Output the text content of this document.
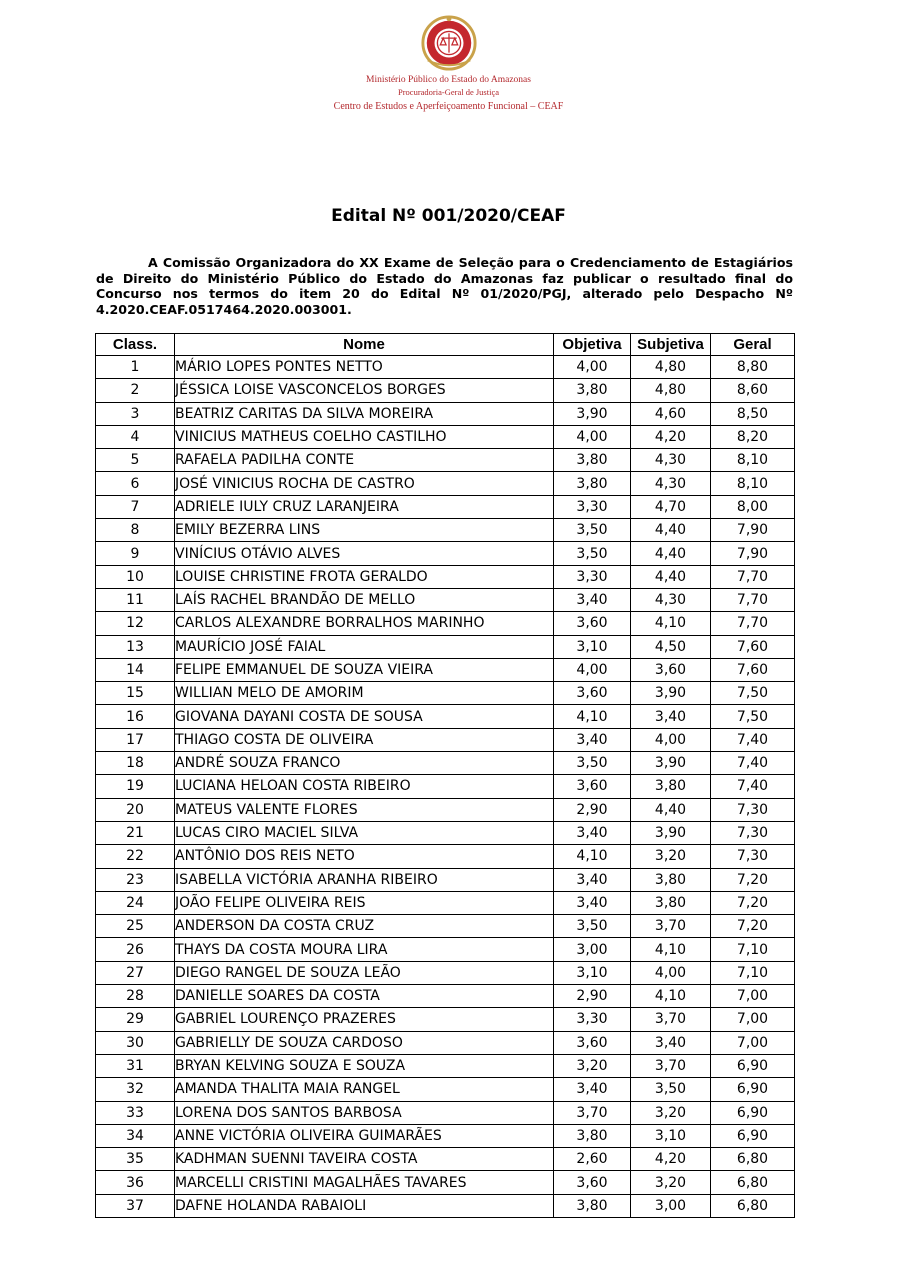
Ministério Público do Estado do Amazonas
Procuradoria-Geral de Justiça
Centro de Estudos e Aperfeiçoamento Funcional – CEAF
Edital Nº 001/2020/CEAF

A Comissão Organizadora do XX Exame de Seleção para o Credenciamento de Estagiários de Direito do Ministério Público do Estado do Amazonas faz publicar o resultado final do Concurso nos termos do item 20 do Edital Nº 01/2020/PGJ, alterado pelo Despacho Nº 4.2020.CEAF.0517464.2020.003001.

Class.	Nome	Objetiva	Subjetiva	Geral
1	MÁRIO LOPES PONTES NETTO	4,00	4,80	8,80
2	JÉSSICA LOISE VASCONCELOS BORGES	3,80	4,80	8,60
3	BEATRIZ CARITAS DA SILVA MOREIRA	3,90	4,60	8,50
4	VINICIUS MATHEUS COELHO CASTILHO	4,00	4,20	8,20
5	RAFAELA PADILHA CONTE	3,80	4,30	8,10
6	JOSÉ VINICIUS ROCHA DE CASTRO	3,80	4,30	8,10
7	ADRIELE IULY CRUZ LARANJEIRA	3,30	4,70	8,00
8	EMILY BEZERRA LINS	3,50	4,40	7,90
9	VINÍCIUS OTÁVIO ALVES	3,50	4,40	7,90
10	LOUISE CHRISTINE FROTA GERALDO	3,30	4,40	7,70
11	LAÍS RACHEL BRANDÃO DE MELLO	3,40	4,30	7,70
12	CARLOS ALEXANDRE BORRALHOS MARINHO	3,60	4,10	7,70
13	MAURÍCIO JOSÉ FAIAL	3,10	4,50	7,60
14	FELIPE EMMANUEL DE SOUZA VIEIRA	4,00	3,60	7,60
15	WILLIAN MELO DE AMORIM	3,60	3,90	7,50
16	GIOVANA DAYANI COSTA DE SOUSA	4,10	3,40	7,50
17	THIAGO COSTA DE OLIVEIRA	3,40	4,00	7,40
18	ANDRÉ SOUZA FRANCO	3,50	3,90	7,40
19	LUCIANA HELOAN COSTA RIBEIRO	3,60	3,80	7,40
20	MATEUS VALENTE FLORES	2,90	4,40	7,30
21	LUCAS CIRO MACIEL SILVA	3,40	3,90	7,30
22	ANTÔNIO DOS REIS NETO	4,10	3,20	7,30
23	ISABELLA VICTÓRIA ARANHA RIBEIRO	3,40	3,80	7,20
24	JOÃO FELIPE OLIVEIRA REIS	3,40	3,80	7,20
25	ANDERSON DA COSTA CRUZ	3,50	3,70	7,20
26	THAYS DA COSTA MOURA LIRA	3,00	4,10	7,10
27	DIEGO RANGEL DE SOUZA LEÃO	3,10	4,00	7,10
28	DANIELLE SOARES DA COSTA	2,90	4,10	7,00
29	GABRIEL LOURENÇO PRAZERES	3,30	3,70	7,00
30	GABRIELLY DE SOUZA CARDOSO	3,60	3,40	7,00
31	BRYAN KELVING SOUZA E SOUZA	3,20	3,70	6,90
32	AMANDA THALITA MAIA RANGEL	3,40	3,50	6,90
33	LORENA DOS SANTOS BARBOSA	3,70	3,20	6,90
34	ANNE VICTÓRIA OLIVEIRA GUIMARÃES	3,80	3,10	6,90
35	KADHMAN SUENNI TAVEIRA COSTA	2,60	4,20	6,80
36	MARCELLI CRISTINI MAGALHÃES TAVARES	3,60	3,20	6,80
37	DAFNE HOLANDA RABAIOLI	3,80	3,00	6,80
